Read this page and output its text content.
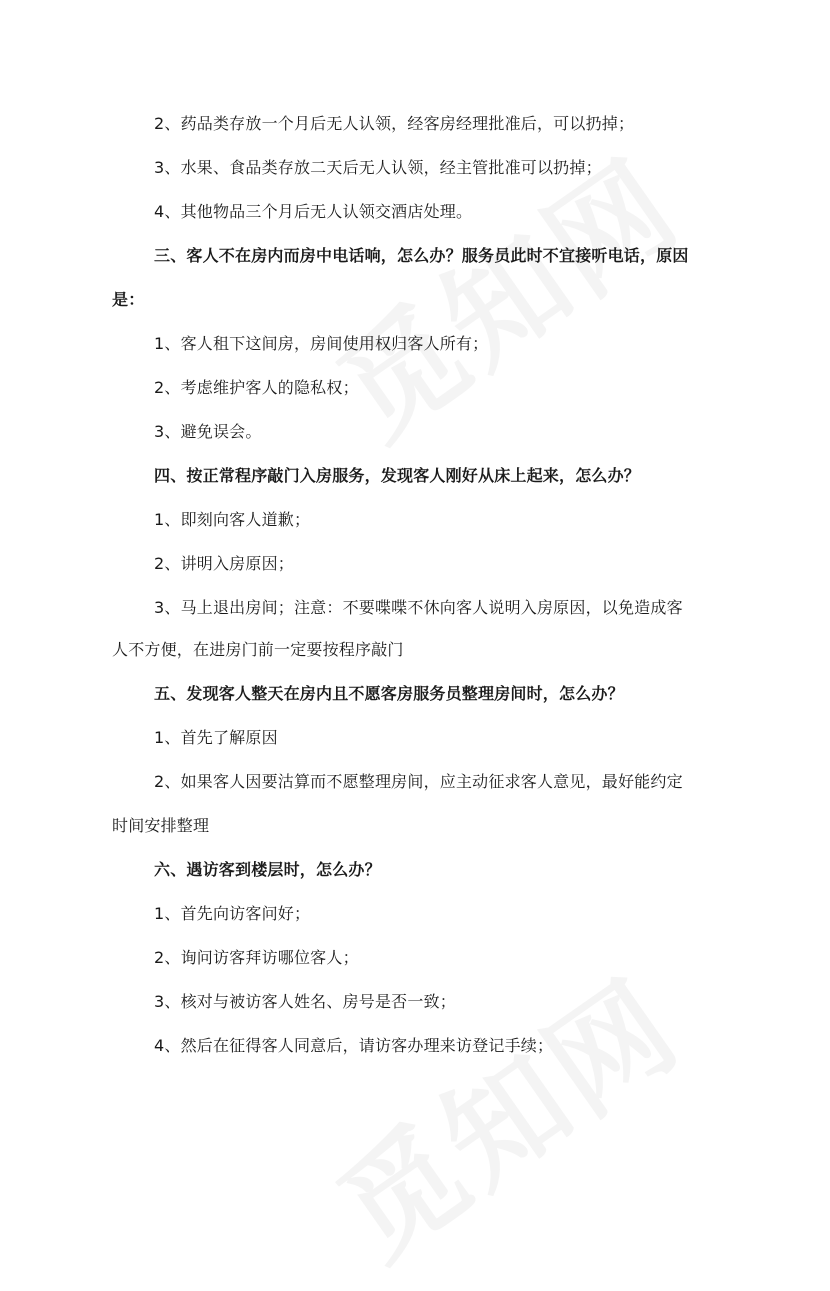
2、药品类存放一个月后无人认领，经客房经理批准后，可以扔掉；
3、水果、食品类存放二天后无人认领，经主管批准可以扔掉；
4、其他物品三个月后无人认领交酒店处理。
三、客人不在房内而房中电话响，怎么办？服务员此时不宜接听电话，原因
是：
1、客人租下这间房，房间使用权归客人所有；
2、考虑维护客人的隐私权；
3、避免误会。
四、按正常程序敲门入房服务，发现客人刚好从床上起来，怎么办？
1、即刻向客人道歉；
2、讲明入房原因；
3、马上退出房间；注意：不要喋喋不休向客人说明入房原因，以免造成客
人不方便，在进房门前一定要按程序敲门
五、发现客人整天在房内且不愿客房服务员整理房间时，怎么办？
1、首先了解原因
2、如果客人因要沽算而不愿整理房间，应主动征求客人意见，最好能约定
时间安排整理
六、遇访客到楼层时，怎么办？
1、首先向访客问好；
2、询问访客拜访哪位客人；
3、核对与被访客人姓名、房号是否一致；
4、然后在征得客人同意后，请访客办理来访登记手续；
